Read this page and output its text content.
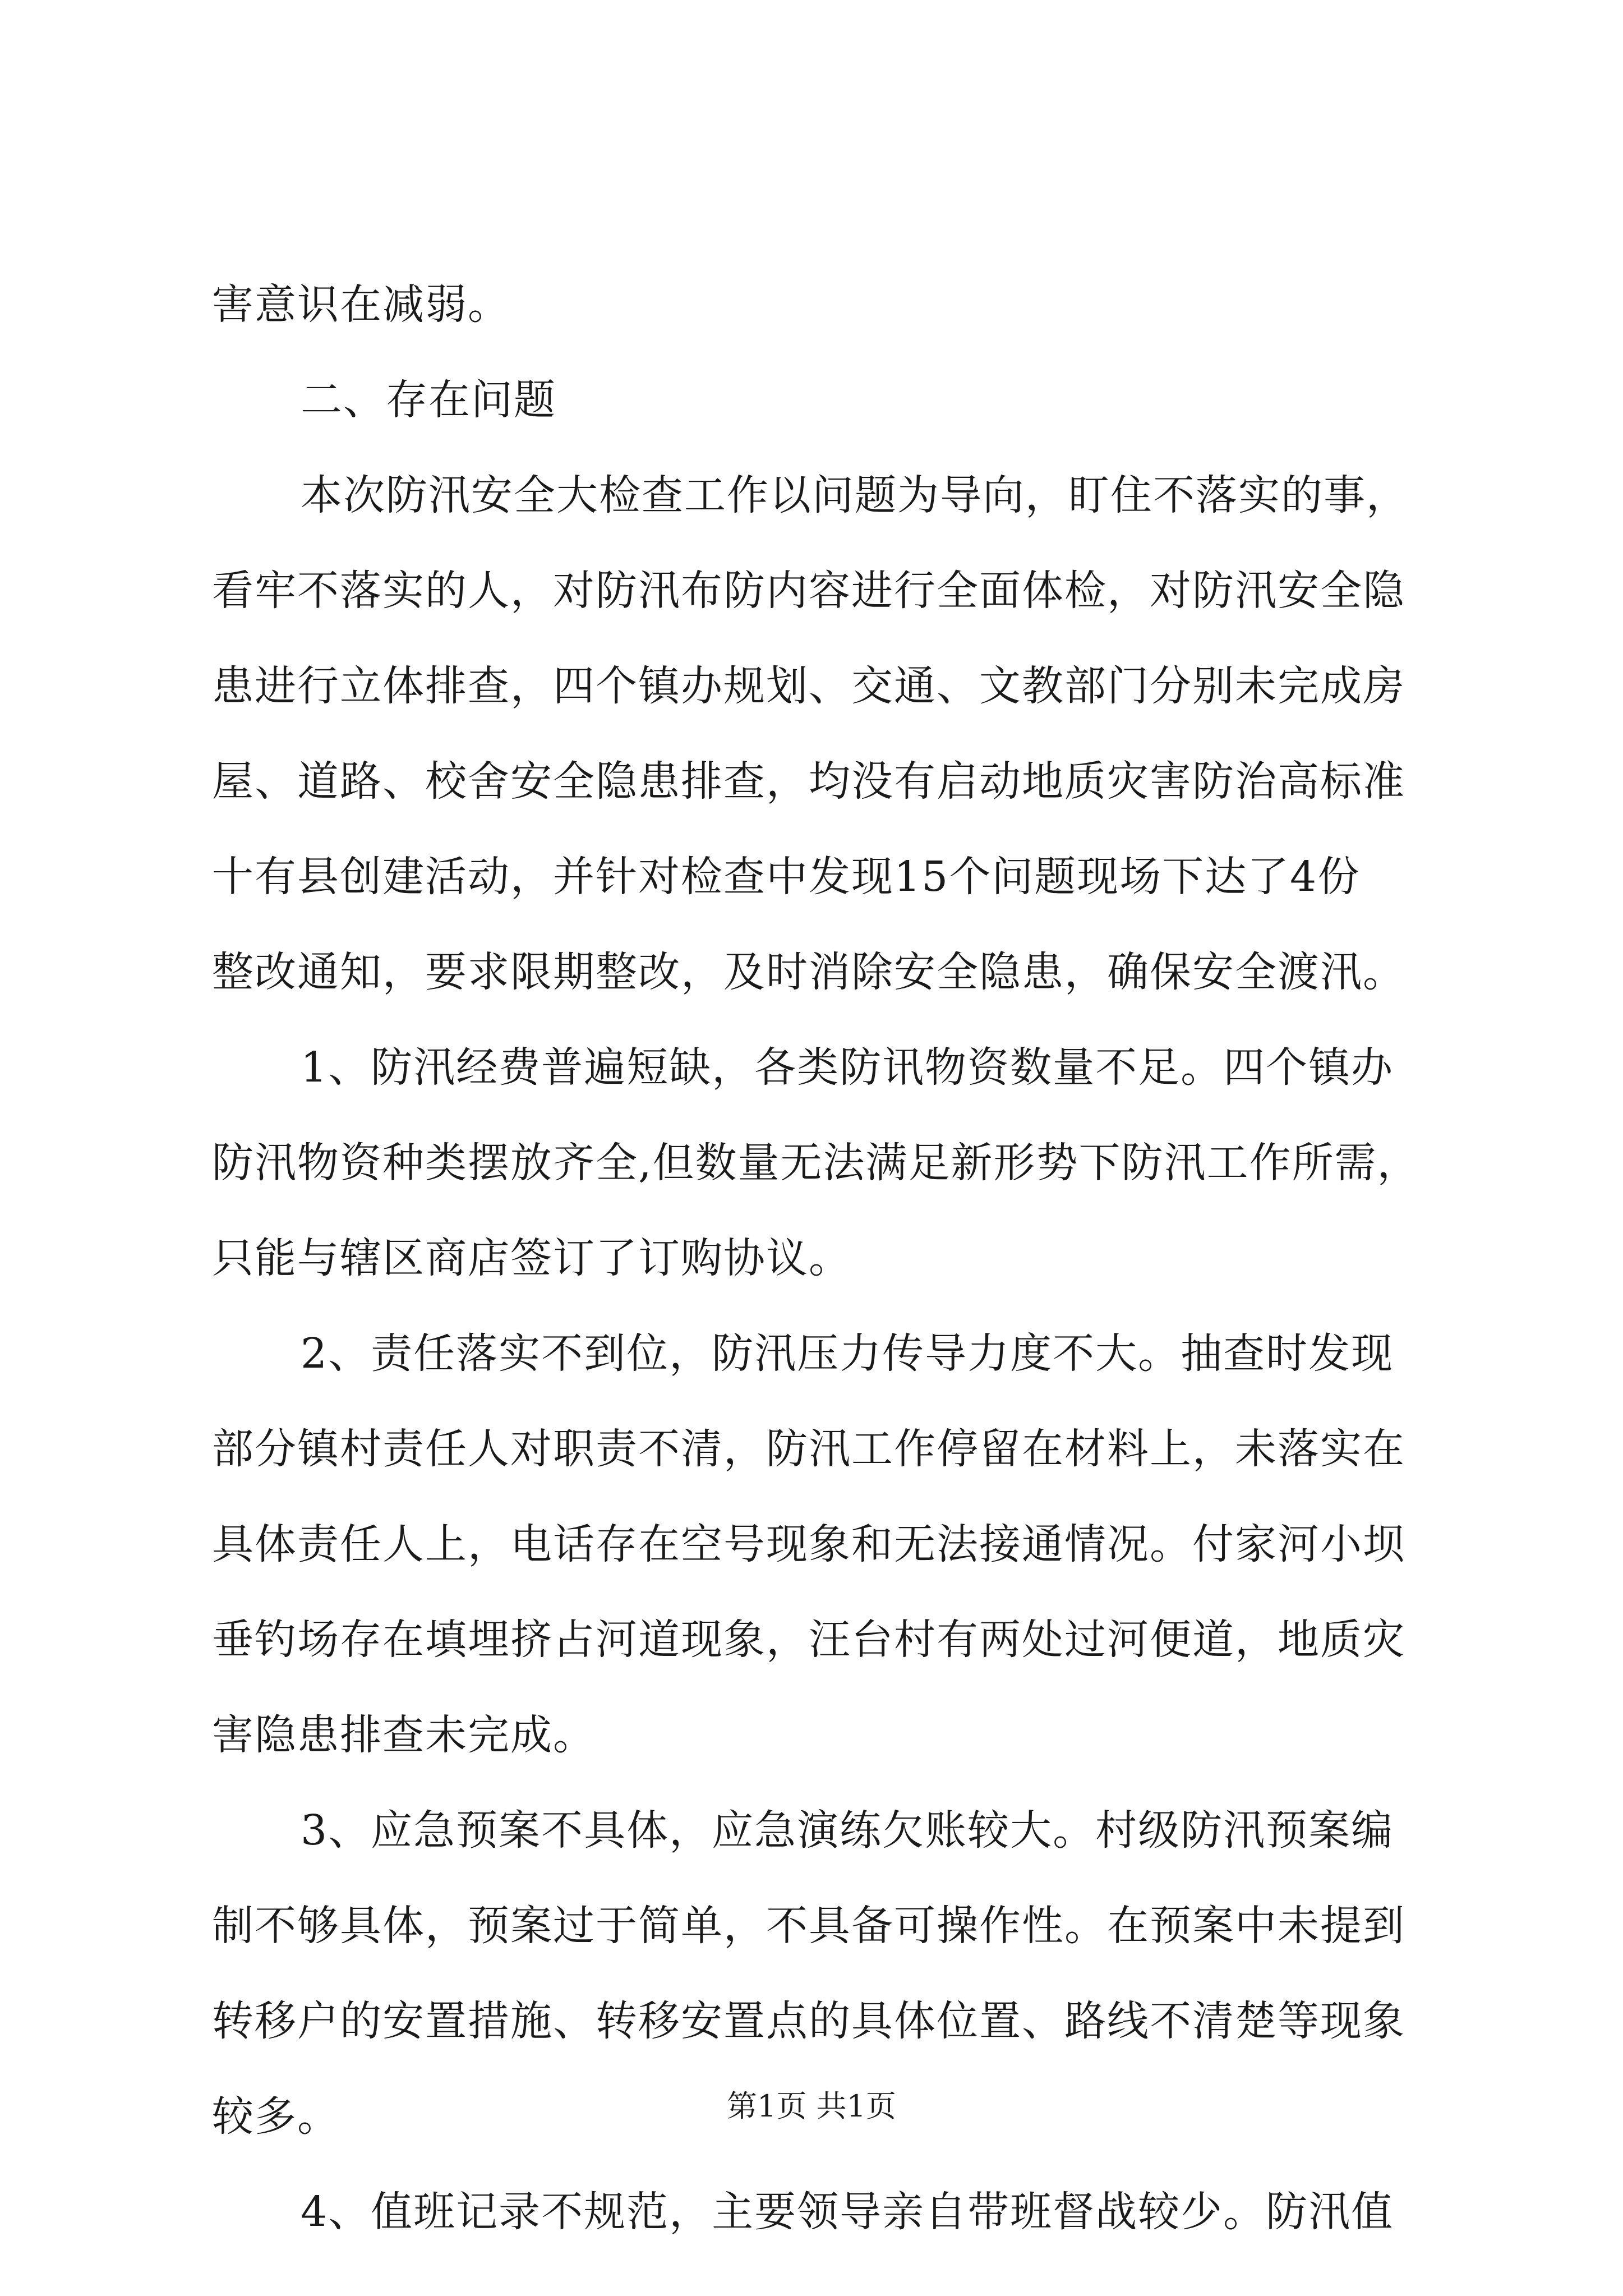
害意识在减弱。
二、存在问题
本次防汛安全大检查工作以问题为导向，盯住不落实的事，
看牢不落实的人，对防汛布防内容进行全面体检，对防汛安全隐
患进行立体排查，四个镇办规划、交通、文教部门分别未完成房
屋、道路、校舍安全隐患排查，均没有启动地质灾害防治高标准
十有县创建活动，并针对检查中发现15个问题现场下达了4份
整改通知，要求限期整改，及时消除安全隐患，确保安全渡汛。
1、防汛经费普遍短缺，各类防讯物资数量不足。四个镇办
防汛物资种类摆放齐全,但数量无法满足新形势下防汛工作所需，
只能与辖区商店签订了订购协议。
2、责任落实不到位，防汛压力传导力度不大。抽查时发现
部分镇村责任人对职责不清，防汛工作停留在材料上，未落实在
具体责任人上，电话存在空号现象和无法接通情况。付家河小坝
垂钓场存在填埋挤占河道现象，汪台村有两处过河便道，地质灾
害隐患排查未完成。
3、应急预案不具体，应急演练欠账较大。村级防汛预案编
制不够具体，预案过于简单，不具备可操作性。在预案中未提到
转移户的安置措施、转移安置点的具体位置、路线不清楚等现象
较多。
4、值班记录不规范，主要领导亲自带班督战较少。防汛值
第1页 共1页
